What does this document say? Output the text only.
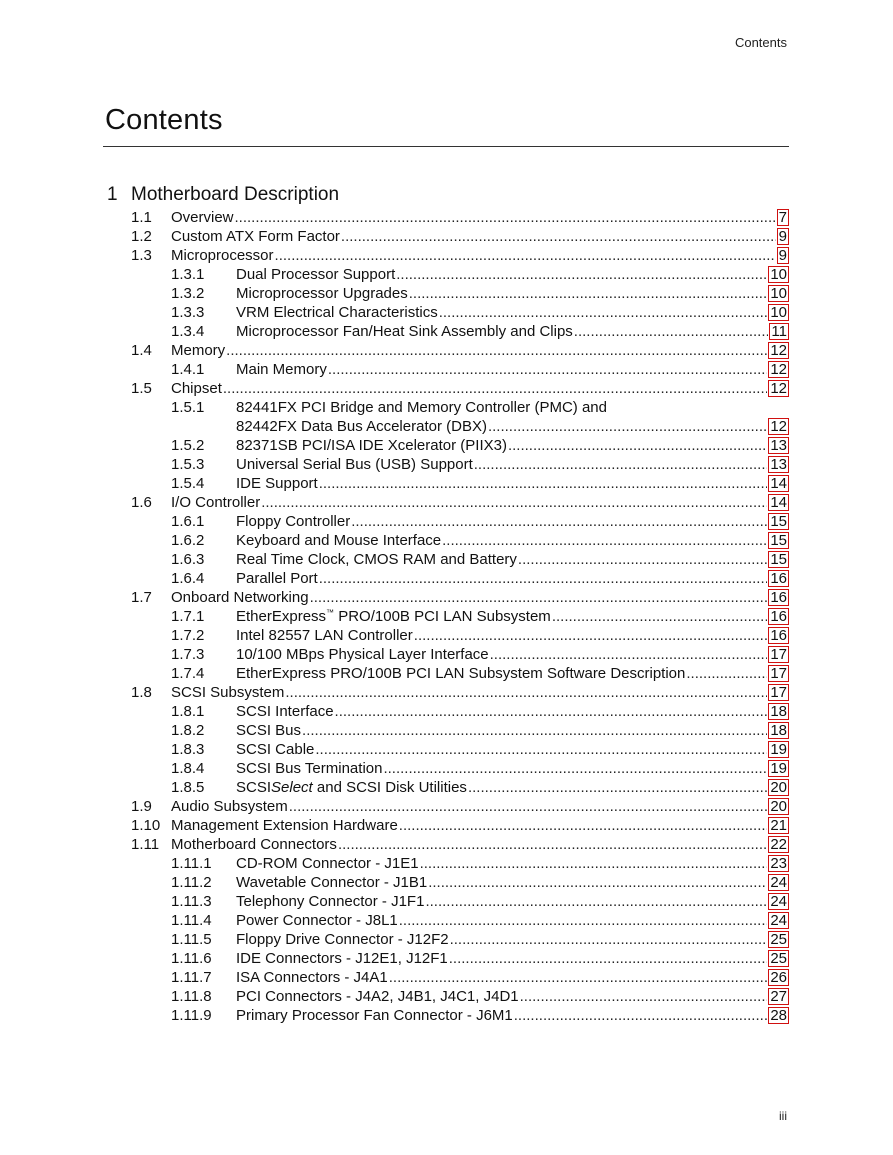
Contents
Contents
1 Motherboard Description
1.1 Overview .....	7
1.2 Custom ATX Form Factor .....	9
1.3 Microprocessor .....	9
1.3.1 Dual Processor Support .....	10
1.3.2 Microprocessor Upgrades .....	10
1.3.3 VRM Electrical Characteristics .....	10
1.3.4 Microprocessor Fan/Heat Sink Assembly and Clips .....	11
1.4 Memory .....	12
1.4.1 Main Memory .....	12
1.5 Chipset .....	12
1.5.1 82441FX PCI Bridge and Memory Controller (PMC) and
82442FX Data Bus Accelerator (DBX) .....	12
1.5.2 82371SB PCI/ISA IDE Xcelerator (PIIX3) .....	13
1.5.3 Universal Serial Bus (USB) Support .....	13
1.5.4 IDE Support .....	14
1.6 I/O Controller .....	14
1.6.1 Floppy Controller .....	15
1.6.2 Keyboard and Mouse Interface .....	15
1.6.3 Real Time Clock, CMOS RAM and Battery .....	15
1.6.4 Parallel Port .....	16
1.7 Onboard Networking .....	16
1.7.1 EtherExpress™ PRO/100B PCI LAN Subsystem .....	16
1.7.2 Intel 82557 LAN Controller .....	16
1.7.3 10/100 MBps Physical Layer Interface .....	17
1.7.4 EtherExpress PRO/100B PCI LAN Subsystem Software Description .....	17
1.8 SCSI Subsystem .....	17
1.8.1 SCSI Interface .....	18
1.8.2 SCSI Bus .....	18
1.8.3 SCSI Cable .....	19
1.8.4 SCSI Bus Termination .....	19
1.8.5 SCSISelect and SCSI Disk Utilities .....	20
1.9 Audio Subsystem .....	20
1.10 Management Extension Hardware .....	21
1.11 Motherboard Connectors .....	22
1.11.1 CD-ROM Connector - J1E1 .....	23
1.11.2 Wavetable Connector - J1B1 .....	24
1.11.3 Telephony Connector - J1F1 .....	24
1.11.4 Power Connector - J8L1 .....	24
1.11.5 Floppy Drive Connector - J12F2 .....	25
1.11.6 IDE Connectors - J12E1, J12F1 .....	25
1.11.7 ISA Connectors - J4A1 .....	26
1.11.8 PCI Connectors - J4A2, J4B1, J4C1, J4D1 .....	27
1.11.9 Primary Processor Fan Connector - J6M1 .....	28
iii
